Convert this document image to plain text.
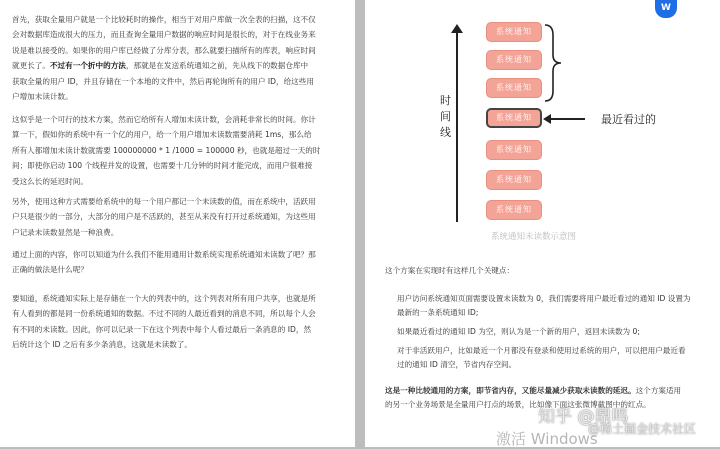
首先，获取全量用户就是一个比较耗时的操作，相当于对用户库做一次全表的扫描，这不仅
会对数据库造成很大的压力，而且查询全量用户数据的响应时间是很长的，对于在线业务来
说是难以接受的。如果你的用户库已经做了分库分表，那么就要扫描所有的库表，响应时间
就更长了。不过有一个折中的方法，那就是在发送系统通知之前，先从线下的数据仓库中
获取全量的用户 ID，并且存储在一个本地的文件中，然后再轮询所有的用户 ID，给这些用
户增加未读计数。

这似乎是一个可行的技术方案，然而它给所有人增加未读计数，会消耗非常长的时间。你计
算一下，假如你的系统中有一个亿的用户，给一个用户增加未读数需要消耗 1ms，那么给
所有人都增加未读计数就需要 100000000 * 1 /1000 = 100000 秒，也就是超过一天的时
间；即使你启动 100 个线程并发的设置，也需要十几分钟的时间才能完成，而用户很难接
受这么长的延迟时间。

另外，使用这种方式需要给系统中的每一个用户都记一个未读数的值，而在系统中，活跃用
户只是很少的一部分，大部分的用户是不活跃的，甚至从来没有打开过系统通知，为这些用
户记录未读数显然是一种浪费。

通过上面的内容，你可以知道为什么我们不能用通用计数系统实现系统通知未读数了吧？那
正确的做法是什么呢？

要知道，系统通知实际上是存储在一个大的列表中的，这个列表对所有用户共享，也就是所
有人看到的都是同一份系统通知的数据。不过不同的人最近看到的消息不同，所以每个人会
有不同的未读数。因此，你可以记录一下在这个列表中每个人看过最后一条消息的 ID，然
后统计这个 ID 之后有多少条消息，这就是未读数了。

W
时
间
线
系统通知
系统通知
系统通知
系统通知
系统通知
系统通知
系统通知
最近看过的
系统通知未读数示意图
这个方案在实现时有这样几个关键点：
用户访问系统通知页面需要设置未读数为 0，我们需要将用户最近看过的通知 ID 设置为
最新的一条系统通知 ID;
如果最近看过的通知 ID 为空，则认为是一个新的用户，返回未读数为 0;
对于非活跃用户，比如最近一个月都没有登录和使用过系统的用户，可以把用户最近看
过的通知 ID 清空，节省内存空间。
这是一种比较通用的方案，即节省内存，又能尽量减少获取未读数的延迟。这个方案适用
的另一个业务场景是全量用户打点的场景，比如像下面这张微博截图中的红点。
知乎 @鼎鸣
@稀土掘金技术社区
激活 Windows
